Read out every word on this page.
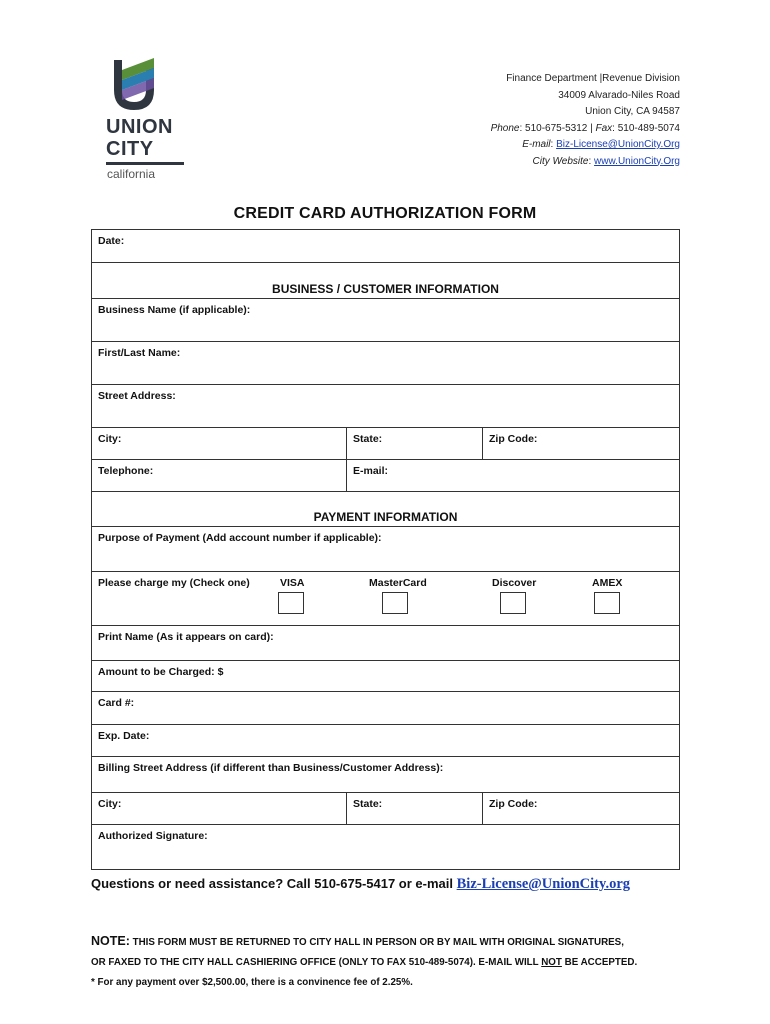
UNION
CITY
california
Finance Department |Revenue Division
34009 Alvarado-Niles Road
Union City, CA 94587
Phone: 510-675-5312 | Fax: 510-489-5074
E-mail: Biz-License@UnionCity.Org
City Website: www.UnionCity.Org
CREDIT CARD AUTHORIZATION FORM
Date:
BUSINESS / CUSTOMER INFORMATION
Business Name (if applicable):
First/Last Name:
Street Address:
City:	State:	Zip Code:
Telephone:	E-mail:
PAYMENT INFORMATION
Purpose of Payment (Add account number if applicable):
Please charge my (Check one)	VISA	MasterCard	Discover	AMEX
Print Name (As it appears on card):
Amount to be Charged: $
Card #:
Exp. Date:
Billing Street Address (if different than Business/Customer Address):
City:	State:	Zip Code:
Authorized Signature:
Questions or need assistance? Call 510-675-5417 or e-mail Biz-License@UnionCity.org
NOTE: THIS FORM MUST BE RETURNED TO CITY HALL IN PERSON OR BY MAIL WITH ORIGINAL SIGNATURES,
OR FAXED TO THE CITY HALL CASHIERING OFFICE (ONLY TO FAX 510-489-5074). E-MAIL WILL NOT BE ACCEPTED.
* For any payment over $2,500.00, there is a convinence fee of 2.25%.
